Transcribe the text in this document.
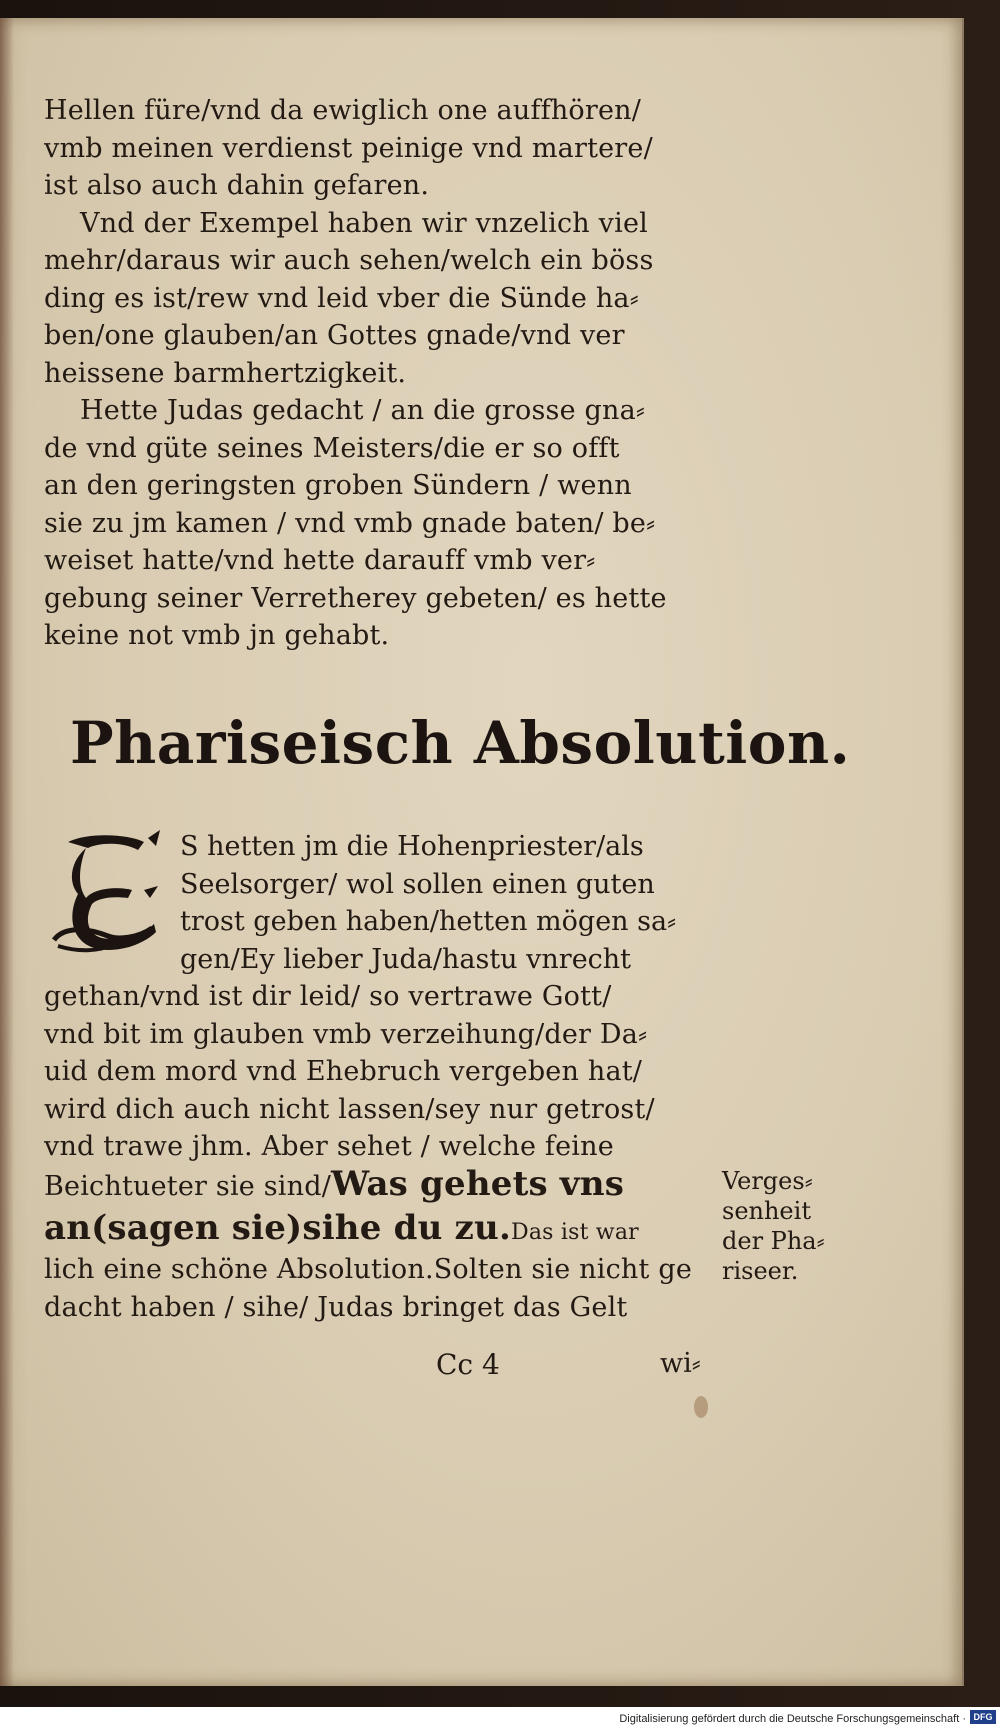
Hellen füre/vnd da ewiglich one auffhören/
vmb meinen verdienst peinige vnd martere/
ist also auch dahin gefaren.
Vnd der Exempel haben wir vnzelich viel
mehr/daraus wir auch sehen/welch ein böss
ding es ist/rew vnd leid vber die Sünde ha⸗
ben/one glauben/an Gottes gnade/vnd ver
heissene barmhertzigkeit.
Hette Judas gedacht / an die grosse gna⸗
de vnd güte seines Meisters/die er so offt
an den geringsten groben Sündern / wenn
sie zu jm kamen / vnd vmb gnade baten/ be⸗
weiset hatte/vnd hette darauff vmb ver⸗
gebung seiner Verretherey gebeten/ es hette
keine not vmb jn gehabt.
Phariseisch Absolution.
S hetten jm die Hohenpriester/als
Seelsorger/ wol sollen einen guten
trost geben haben/hetten mögen sa⸗
gen/Ey lieber Juda/hastu vnrecht
gethan/vnd ist dir leid/ so vertrawe Gott/
vnd bit im glauben vmb verzeihung/der Da⸗
uid dem mord vnd Ehebruch vergeben hat/
wird dich auch nicht lassen/sey nur getrost/
vnd trawe jhm. Aber sehet / welche feine
Beichtueter sie sind/Was gehets vns
an(sagen sie)sihe du zu.Das ist war
lich eine schöne Absolution.Solten sie nicht ge
dacht haben / sihe/ Judas bringet das Gelt
Verges⸗
senheit
der Pha⸗
riseer.
Cc 4	wi⸗
Digitalisierung gefördert durch die Deutsche Forschungsgemeinschaft · DFG
